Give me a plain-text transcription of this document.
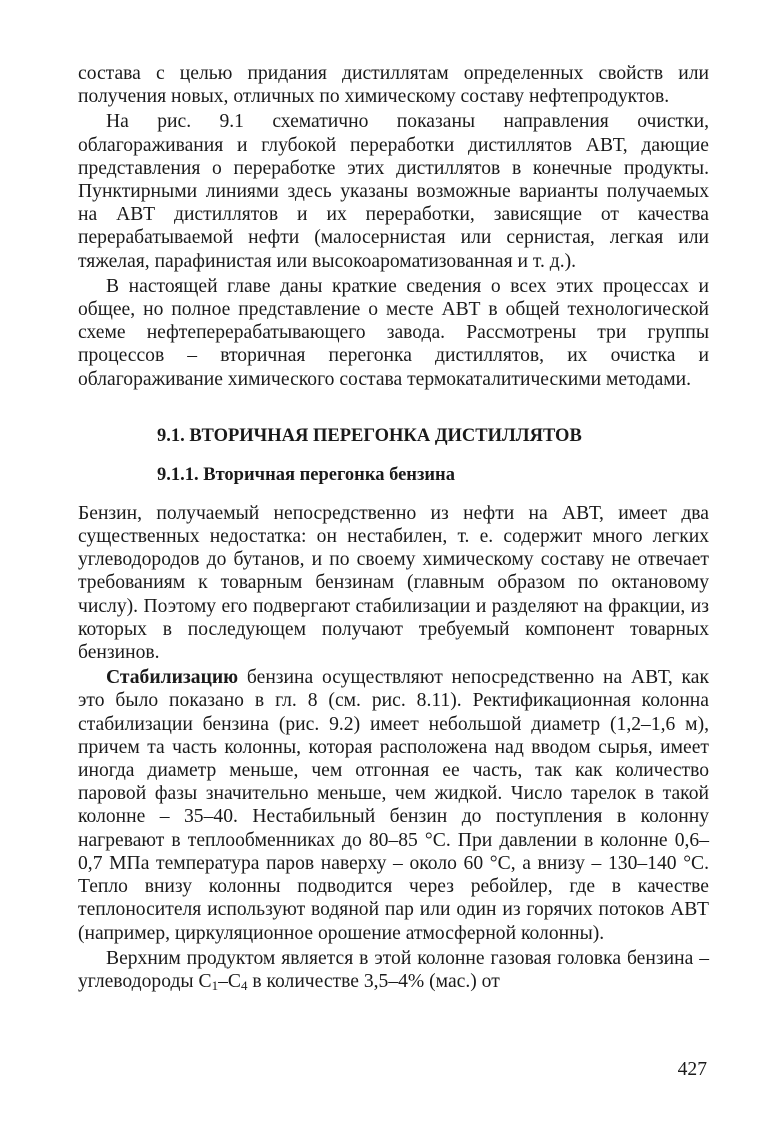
состава с целью придания дистиллятам определенных свойств или получения новых, отличных по химическому составу нефтепродуктов.

На рис. 9.1 схематично показаны направления очистки, облагораживания и глубокой переработки дистиллятов АВТ, дающие представления о переработке этих дистиллятов в конечные продукты. Пунктирными линиями здесь указаны возможные варианты получаемых на АВТ дистиллятов и их переработки, зависящие от качества перерабатываемой нефти (малосернистая или сернистая, легкая или тяжелая, парафинистая или высокоароматизованная и т. д.).

В настоящей главе даны краткие сведения о всех этих процессах и общее, но полное представление о месте АВТ в общей технологической схеме нефтеперерабатывающего завода. Рассмотрены три группы процессов – вторичная перегонка дистиллятов, их очистка и облагораживание химического состава термокаталитическими методами.

9.1. ВТОРИЧНАЯ ПЕРЕГОНКА ДИСТИЛЛЯТОВ
9.1.1. Вторичная перегонка бензина

Бензин, получаемый непосредственно из нефти на АВТ, имеет два существенных недостатка: он нестабилен, т. е. содержит много легких углеводородов до бутанов, и по своему химическому составу не отвечает требованиям к товарным бензинам (главным образом по октановому числу). Поэтому его подвергают стабилизации и разделяют на фракции, из которых в последующем получают требуемый компонент товарных бензинов.

Стабилизацию бензина осуществляют непосредственно на АВТ, как это было показано в гл. 8 (см. рис. 8.11). Ректификационная колонна стабилизации бензина (рис. 9.2) имеет небольшой диаметр (1,2–1,6 м), причем та часть колонны, которая расположена над вводом сырья, имеет иногда диаметр меньше, чем отгонная ее часть, так как количество паровой фазы значительно меньше, чем жидкой. Число тарелок в такой колонне – 35–40. Нестабильный бензин до поступления в колонну нагревают в теплообменниках до 80–85 °С. При давлении в колонне 0,6–0,7 МПа температура паров наверху – около 60 °С, а внизу – 130–140 °С. Тепло внизу колонны подводится через ребойлер, где в качестве теплоносителя используют водяной пар или один из горячих потоков АВТ (например, циркуляционное орошение атмосферной колонны).

Верхним продуктом является в этой колонне газовая головка бензина – углеводороды $С_1-С_4$ в количестве 3,5–4% (мас.) от

427
